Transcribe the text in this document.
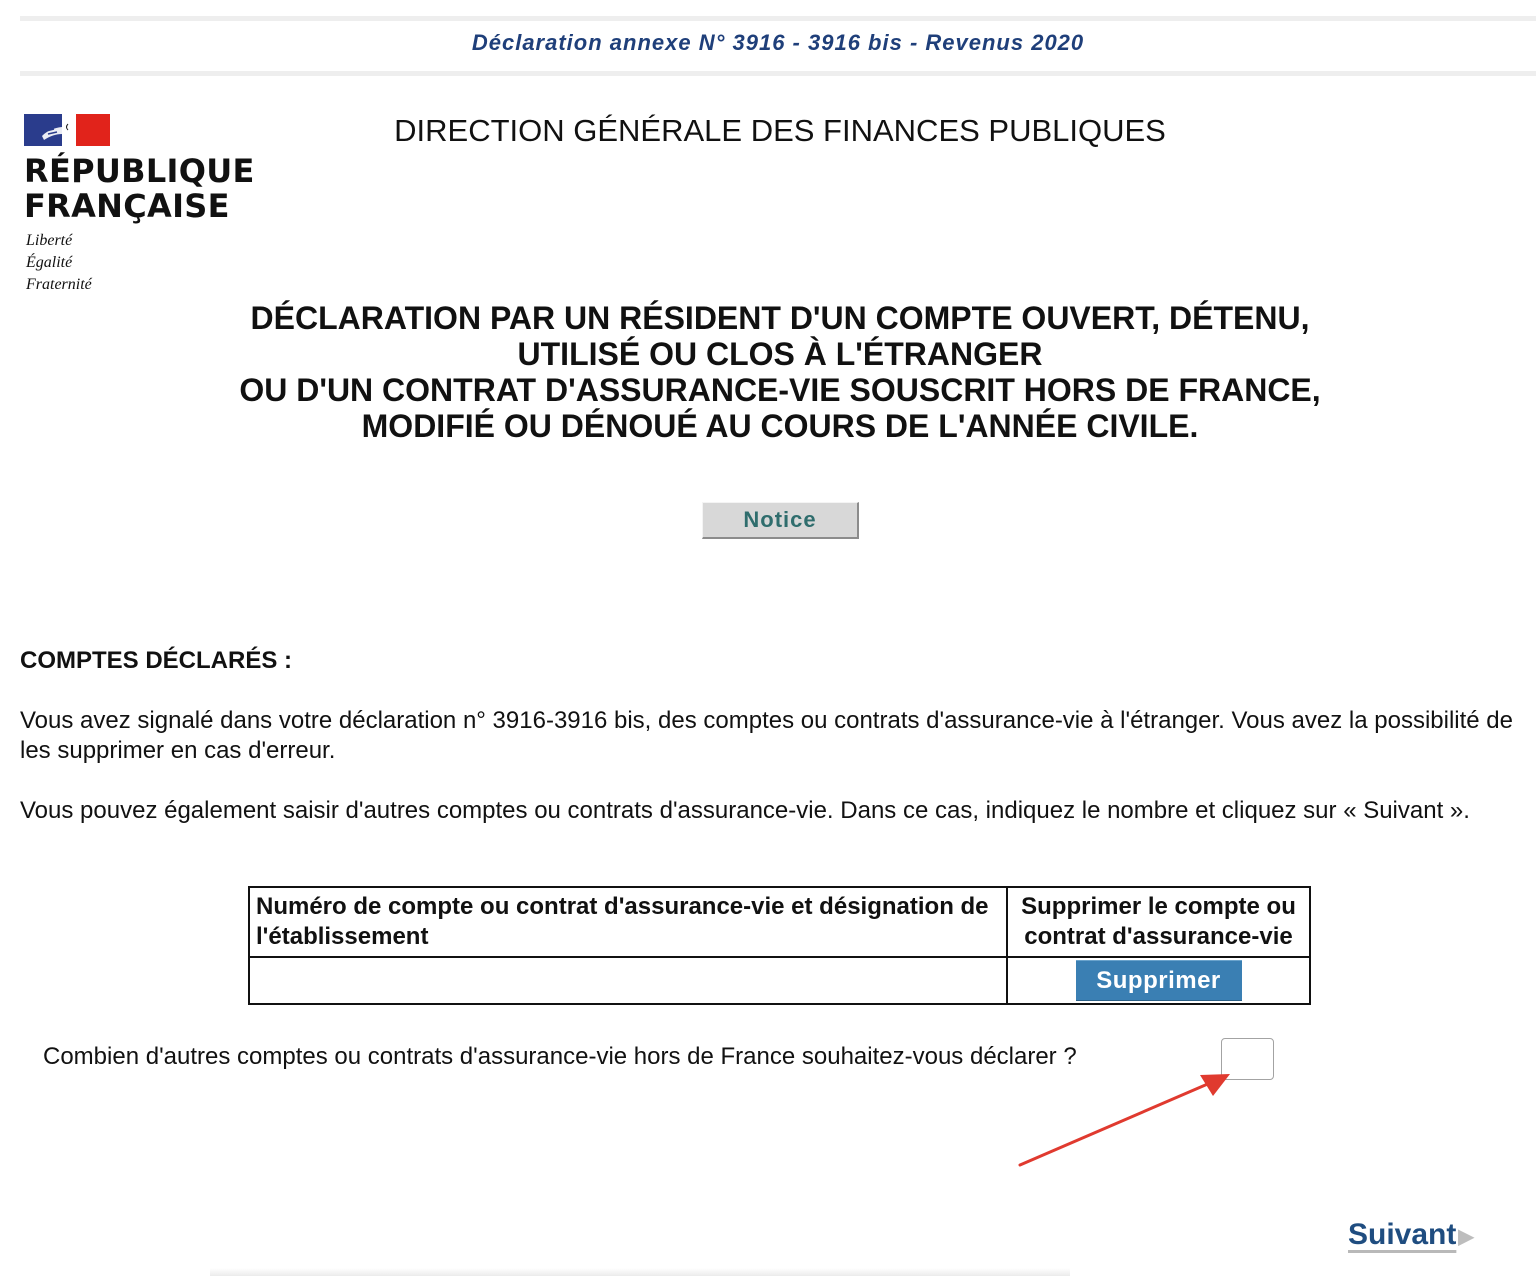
Déclaration annexe N° 3916 - 3916 bis - Revenus 2020
RÉPUBLIQUE
FRANÇAISE
Liberté
Égalité
Fraternité
DIRECTION GÉNÉRALE DES FINANCES PUBLIQUES
DÉCLARATION PAR UN RÉSIDENT D'UN COMPTE OUVERT, DÉTENU,
UTILISÉ OU CLOS À L'ÉTRANGER
OU D'UN CONTRAT D'ASSURANCE-VIE SOUSCRIT HORS DE FRANCE,
MODIFIÉ OU DÉNOUÉ AU COURS DE L'ANNÉE CIVILE.
Notice
COMPTES DÉCLARÉS :
Vous avez signalé dans votre déclaration n° 3916-3916 bis, des comptes ou contrats d'assurance-vie à l'étranger. Vous avez la possibilité de les supprimer en cas d'erreur.
Vous pouvez également saisir d'autres comptes ou contrats d'assurance-vie. Dans ce cas, indiquez le nombre et cliquez sur « Suivant ».
Numéro de compte ou contrat d'assurance-vie et désignation de l'établissement	Supprimer le compte ou contrat d'assurance-vie
	Supprimer
Combien d'autres comptes ou contrats d'assurance-vie hors de France souhaitez-vous déclarer ?
Suivant ▶
